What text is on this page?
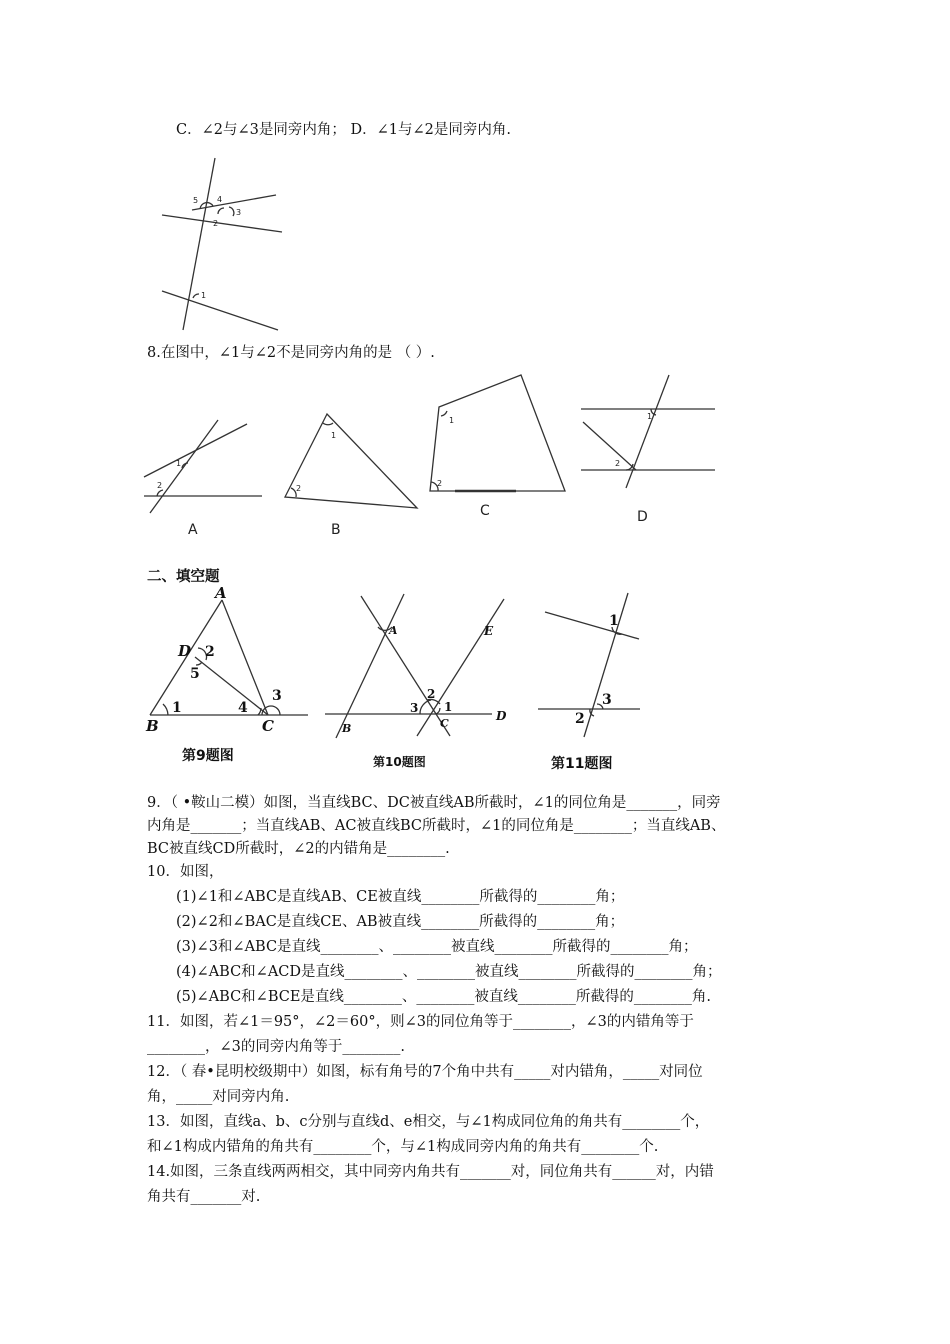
C．∠2与∠3是同旁内角； D．∠1与∠2是同旁内角.
5 4
3
2
1
8.在图中，∠1与∠2不是同旁内角的是 （ ）.
1
2
A
1
2
B
1
2
C
1
2
D
二、填空题
A
D
B	C
1
2
3
4
5
第9题图
A	E
B	C
D
1
2
3
第10题图
1
2
3
第11题图
9．（ •鞍山二模）如图，当直线BC、DC被直线AB所截时，∠1的同位角是_______，同旁
内角是_______；当直线AB、AC被直线BC所截时，∠1的同位角是________；当直线AB、
BC被直线CD所截时，∠2的内错角是________.
10．如图，
(1)∠1和∠ABC是直线AB、CE被直线________所截得的________角；
(2)∠2和∠BAC是直线CE、AB被直线________所截得的________角；
(3)∠3和∠ABC是直线________、________被直线________所截得的________角；
(4)∠ABC和∠ACD是直线________、________被直线________所截得的________角；
(5)∠ABC和∠BCE是直线________、________被直线________所截得的________角.
11．如图，若∠1＝95°，∠2＝60°，则∠3的同位角等于________，∠3的内错角等于
________，∠3的同旁内角等于________.
12．（ 春•昆明校级期中）如图，标有角号的7个角中共有_____对内错角，_____对同位
角，_____对同旁内角.
13．如图，直线a、b、c分别与直线d、e相交，与∠1构成同位角的角共有________个，
和∠1构成内错角的角共有________个，与∠1构成同旁内角的角共有________个.
14.如图，三条直线两两相交，其中同旁内角共有_______对，同位角共有______对，内错
角共有_______对.
